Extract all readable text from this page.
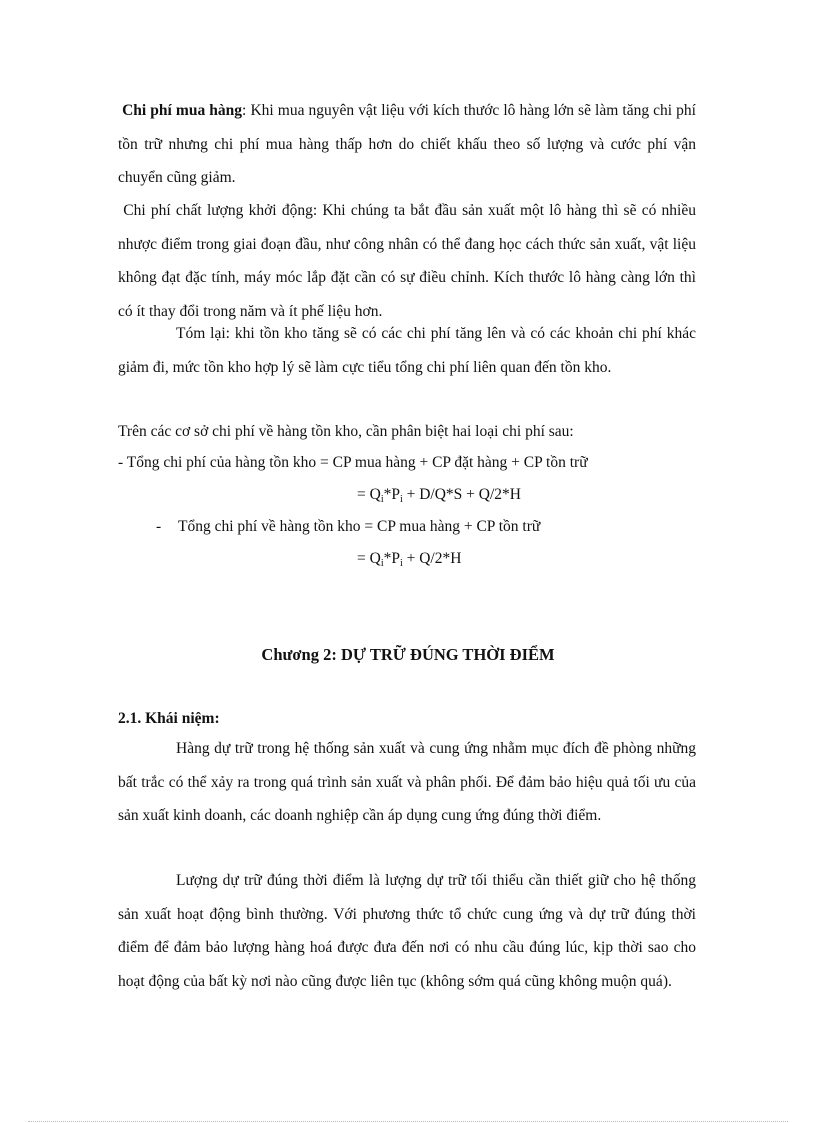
Chi phí mua hàng: Khi mua nguyên vật liệu với kích thước lô hàng lớn sẽ làm tăng chi phí tồn trữ nhưng chi phí mua hàng thấp hơn do chiết khấu theo số lượng và cước phí vận chuyển cũng giảm.

Chi phí chất lượng khởi động: Khi chúng ta bắt đầu sản xuất một lô hàng thì sẽ có nhiều nhược điểm trong giai đoạn đầu, như công nhân có thể đang học cách thức sản xuất, vật liệu không đạt đặc tính, máy móc lắp đặt cần có sự điều chỉnh. Kích thước lô hàng càng lớn thì có ít thay đổi trong năm và ít phế liệu hơn.

Tóm lại: khi tồn kho tăng sẽ có các chi phí tăng lên và có các khoản chi phí khác giảm đi, mức tồn kho hợp lý sẽ làm cực tiểu tổng chi phí liên quan đến tồn kho.

Trên các cơ sở chi phí về hàng tồn kho, cần phân biệt hai loại chi phí sau:

- Tổng chi phí của hàng tồn kho = CP mua hàng + CP đặt hàng + CP tồn trữ

= $Q_i*P_i + D/Q*S + Q/2*H$

- Tổng chi phí về hàng tồn kho = CP mua hàng + CP tồn trữ

= $Q_i*P_i + Q/2*H$

Chương 2: DỰ TRỮ ĐÚNG THỜI ĐIỂM
2.1. Khái niệm:

Hàng dự trữ trong hệ thống sản xuất và cung ứng nhằm mục đích đề phòng những bất trắc có thể xảy ra trong quá trình sản xuất và phân phối. Để đảm bảo hiệu quả tối ưu của sản xuất kinh doanh, các doanh nghiệp cần áp dụng cung ứng đúng thời điểm.

Lượng dự trữ đúng thời điểm là lượng dự trữ tối thiểu cần thiết giữ cho hệ thống sản xuất hoạt động bình thường. Với phương thức tổ chức cung ứng và dự trữ đúng thời điểm để đảm bảo lượng hàng hoá được đưa đến nơi có nhu cầu đúng lúc, kịp thời sao cho hoạt động của bất kỳ nơi nào cũng được liên tục (không sớm quá cũng không muộn quá).
